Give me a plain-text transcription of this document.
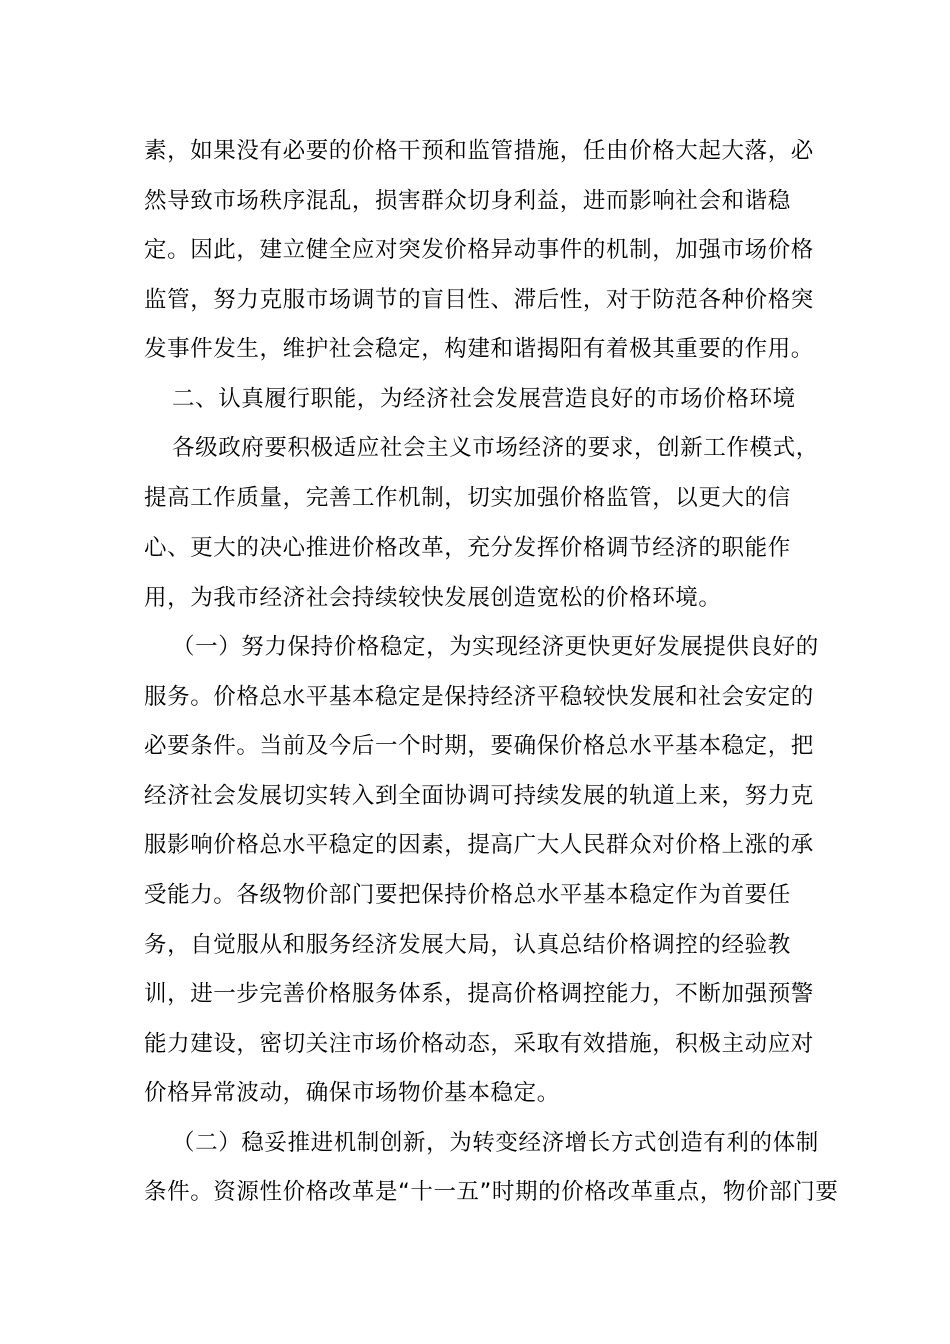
素，如果没有必要的价格干预和监管措施，任由价格大起大落，必
然导致市场秩序混乱，损害群众切身利益，进而影响社会和谐稳
定。因此，建立健全应对突发价格异动事件的机制，加强市场价格
监管，努力克服市场调节的盲目性、滞后性，对于防范各种价格突
发事件发生，维护社会稳定，构建和谐揭阳有着极其重要的作用。
二、认真履行职能，为经济社会发展营造良好的市场价格环境
各级政府要积极适应社会主义市场经济的要求，创新工作模式，
提高工作质量，完善工作机制，切实加强价格监管，以更大的信
心、更大的决心推进价格改革，充分发挥价格调节经济的职能作
用，为我市经济社会持续较快发展创造宽松的价格环境。
（一）努力保持价格稳定，为实现经济更快更好发展提供良好的
服务。价格总水平基本稳定是保持经济平稳较快发展和社会安定的
必要条件。当前及今后一个时期，要确保价格总水平基本稳定，把
经济社会发展切实转入到全面协调可持续发展的轨道上来，努力克
服影响价格总水平稳定的因素，提高广大人民群众对价格上涨的承
受能力。各级物价部门要把保持价格总水平基本稳定作为首要任
务，自觉服从和服务经济发展大局，认真总结价格调控的经验教
训，进一步完善价格服务体系，提高价格调控能力，不断加强预警
能力建设，密切关注市场价格动态，采取有效措施，积极主动应对
价格异常波动，确保市场物价基本稳定。
（二）稳妥推进机制创新，为转变经济增长方式创造有利的体制
条件。资源性价格改革是“十一五”时期的价格改革重点，物价部门要
